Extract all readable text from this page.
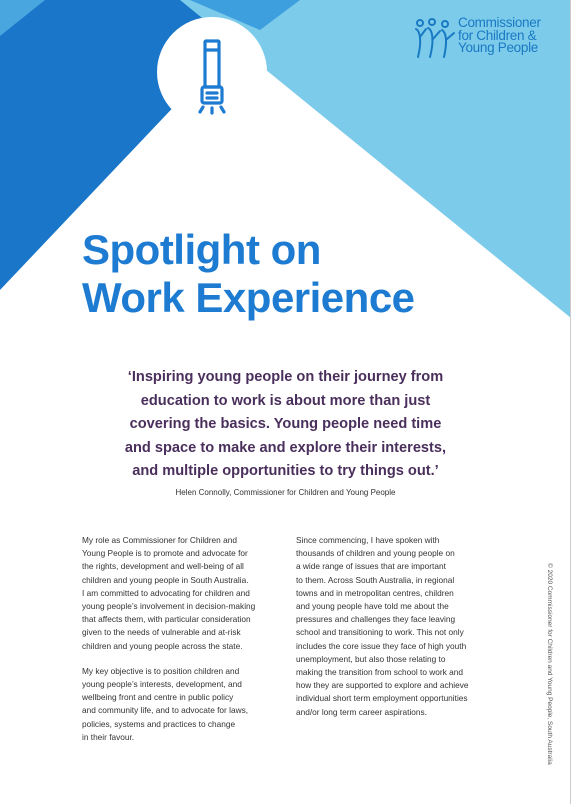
Commissioner
for Children &
Young People
Spotlight on
Work Experience
‘Inspiring young people on their journey from
education to work is about more than just
covering the basics. Young people need time
and space to make and explore their interests,
and multiple opportunities to try things out.’
Helen Connolly, Commissioner for Children and Young People

My role as Commissioner for Children and
Young People is to promote and advocate for
the rights, development and well-being of all
children and young people in South Australia.
I am committed to advocating for children and
young people’s involvement in decision-making
that affects them, with particular consideration
given to the needs of vulnerable and at-risk
children and young people across the state.

My key objective is to position children and
young people’s interests, development, and
wellbeing front and centre in public policy
and community life, and to advocate for laws,
policies, systems and practices to change
in their favour.

Since commencing, I have spoken with
thousands of children and young people on
a wide range of issues that are important
to them. Across South Australia, in regional
towns and in metropolitan centres, children
and young people have told me about the
pressures and challenges they face leaving
school and transitioning to work. This not only
includes the core issue they face of high youth
unemployment, but also those relating to
making the transition from school to work and
how they are supported to explore and achieve
individual short term employment opportunities
and/or long term career aspirations.	© 2020 Commissioner for Children and Young People, South Australia
